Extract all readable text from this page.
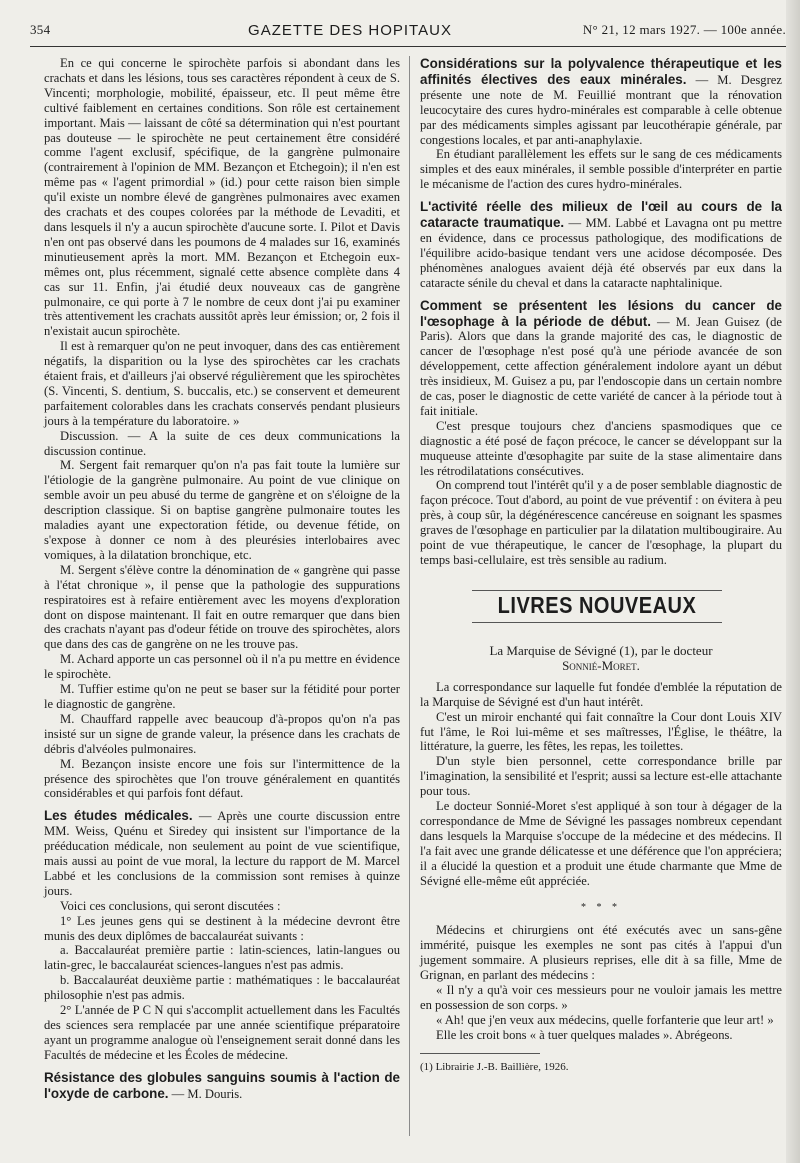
354	GAZETTE DES HOPITAUX	N° 21, 12 mars 1927. — 100e année.

En ce qui concerne le spirochète parfois si abondant dans les crachats et dans les lésions, tous ses caractères répondent à ceux de S. Vincenti; morphologie, mobilité, épaisseur, etc. Il peut même être cultivé faiblement en certaines conditions. Son rôle est certainement important. Mais — laissant de côté sa détermination qui n'est pourtant pas douteuse — le spirochète ne peut certainement être considéré comme l'agent exclusif, spécifique, de la gangrène pulmonaire (contrairement à l'opinion de MM. Bezançon et Etchegoin); il n'en est même pas « l'agent primordial » (id.) pour cette raison bien simple qu'il existe un nombre élevé de gangrènes pulmonaires avec examen des crachats et des coupes colorées par la méthode de Levaditi, et dans lesquels il n'y a aucun spirochète d'aucune sorte. I. Pilot et Davis n'en ont pas observé dans les poumons de 4 malades sur 16, examinés minutieusement après la mort. MM. Bezançon et Etchegoin eux-mêmes ont, plus récemment, signalé cette absence complète dans 4 cas sur 11. Enfin, j'ai étudié deux nouveaux cas de gangrène pulmonaire, ce qui porte à 7 le nombre de ceux dont j'ai pu examiner très attentivement les crachats aussitôt après leur émission; or, 2 fois il n'existait aucun spirochète.

Il est à remarquer qu'on ne peut invoquer, dans des cas entièrement négatifs, la disparition ou la lyse des spirochètes car les crachats étaient frais, et d'ailleurs j'ai observé régulièrement que les spirochètes (S. Vincenti, S. dentium, S. buccalis, etc.) se conservent et demeurent parfaitement colorables dans les crachats conservés pendant plusieurs jours à la température du laboratoire. »

Discussion. — A la suite de ces deux communications la discussion continue.

M. Sergent fait remarquer qu'on n'a pas fait toute la lumière sur l'étiologie de la gangrène pulmonaire. Au point de vue clinique on semble avoir un peu abusé du terme de gangrène et on s'éloigne de la description classique. Si on baptise gangrène pulmonaire toutes les maladies ayant une expectoration fétide, ou devenue fétide, on s'expose à donner ce nom à des pleurésies interlobaires avec vomiques, à la dilatation bronchique, etc.

M. Sergent s'élève contre la dénomination de « gangrène qui passe à l'état chronique », il pense que la pathologie des suppurations respiratoires est à refaire entièrement avec les moyens d'exploration dont on dispose maintenant. Il fait en outre remarquer que dans bien des crachats n'ayant pas d'odeur fétide on trouve des spirochètes, alors que dans des cas de gangrène on ne les trouve pas.

M. Achard apporte un cas personnel où il n'a pu mettre en évidence le spirochète.

M. Tuffier estime qu'on ne peut se baser sur la fétidité pour porter le diagnostic de gangrène.

M. Chauffard rappelle avec beaucoup d'à-propos qu'on n'a pas insisté sur un signe de grande valeur, la présence dans les crachats de débris d'alvéoles pulmonaires.

M. Bezançon insiste encore une fois sur l'intermittence de la présence des spirochètes que l'on trouve généralement en quantités considérables et qui parfois font défaut.

Les études médicales. — Après une courte discussion entre MM. Weiss, Quénu et Siredey qui insistent sur l'importance de la prééducation médicale, non seulement au point de vue scientifique, mais aussi au point de vue moral, la lecture du rapport de M. Marcel Labbé et les conclusions de la commission sont remises à quinze jours.

Voici ces conclusions, qui seront discutées :

1° Les jeunes gens qui se destinent à la médecine devront être munis des deux diplômes de baccalauréat suivants :

a. Baccalauréat première partie : latin-sciences, latin-langues ou latin-grec, le baccalauréat sciences-langues n'est pas admis.

b. Baccalauréat deuxième partie : mathématiques : le baccalauréat philosophie n'est pas admis.

2° L'année de P C N qui s'accomplit actuellement dans les Facultés des sciences sera remplacée par une année scientifique préparatoire ayant un programme analogue où l'enseignement serait donné dans les Facultés de médecine et les Écoles de médecine.

Résistance des globules sanguins soumis à l'action de l'oxyde de carbone. — M. Douris.

Considérations sur la polyvalence thérapeutique et les affinités électives des eaux minérales. — M. Desgrez présente une note de M. Feuillié montrant que la rénovation leucocytaire des cures hydro-minérales est comparable à celle obtenue par des médicaments simples agissant par leucothérapie générale, par congestions locales, et par anti-anaphylaxie.

En étudiant parallèlement les effets sur le sang de ces médicaments simples et des eaux minérales, il semble possible d'interpréter en partie le mécanisme de l'action des cures hydro-minérales.

L'activité réelle des milieux de l'œil au cours de la cataracte traumatique. — MM. Labbé et Lavagna ont pu mettre en évidence, dans ce processus pathologique, des modifications de l'équilibre acido-basique tendant vers une acidose décomposée. Des phénomènes analogues avaient déjà été observés par eux dans la cataracte sénile du cheval et dans la cataracte naphtalinique.

Comment se présentent les lésions du cancer de l'œsophage à la période de début. — M. Jean Guisez (de Paris). Alors que dans la grande majorité des cas, le diagnostic de cancer de l'œsophage n'est posé qu'à une période avancée de son développement, cette affection généralement indolore ayant un début très insidieux, M. Guisez a pu, par l'endoscopie dans un certain nombre de cas, poser le diagnostic de cette variété de cancer à la période tout à fait initiale.

C'est presque toujours chez d'anciens spasmodiques que ce diagnostic a été posé de façon précoce, le cancer se développant sur la muqueuse atteinte d'œsophagite par suite de la stase alimentaire dans les rétrodilatations consécutives.

On comprend tout l'intérêt qu'il y a de poser semblable diagnostic de façon précoce. Tout d'abord, au point de vue préventif : on évitera à peu près, à coup sûr, la dégénérescence cancéreuse en soignant les spasmes graves de l'œsophage en particulier par la dilatation multibougiraire. Au point de vue thérapeutique, le cancer de l'œsophage, la plupart du temps basi-cellulaire, est très sensible au radium.

LIVRES NOUVEAUX
La Marquise de Sévigné (1), par le docteur
Sonnié-Moret.

La correspondance sur laquelle fut fondée d'emblée la réputation de la Marquise de Sévigné est d'un haut intérêt.

C'est un miroir enchanté qui fait connaître la Cour dont Louis XIV fut l'âme, le Roi lui-même et ses maîtresses, l'Église, le théâtre, la littérature, la guerre, les fêtes, les repas, les toilettes.

D'un style bien personnel, cette correspondance brille par l'imagination, la sensibilité et l'esprit; aussi sa lecture est-elle attachante pour tous.

Le docteur Sonnié-Moret s'est appliqué à son tour à dégager de la correspondance de Mme de Sévigné les passages nombreux cependant dans lesquels la Marquise s'occupe de la médecine et des médecins. Il l'a fait avec une grande délicatesse et une déférence que l'on appréciera; il a élucidé la question et a produit une étude charmante que Mme de Sévigné elle-même eût appréciée.

* * *

Médecins et chirurgiens ont été exécutés avec un sans-gêne immérité, puisque les exemples ne sont pas cités à l'appui d'un jugement sommaire. A plusieurs reprises, elle dit à sa fille, Mme de Grignan, en parlant des médecins :

« Il n'y a qu'à voir ces messieurs pour ne vouloir jamais les mettre en possession de son corps. »

« Ah! que j'en veux aux médecins, quelle forfanterie que leur art! »

Elle les croit bons « à tuer quelques malades ». Abrégeons.

(1) Librairie J.-B. Baillière, 1926.
